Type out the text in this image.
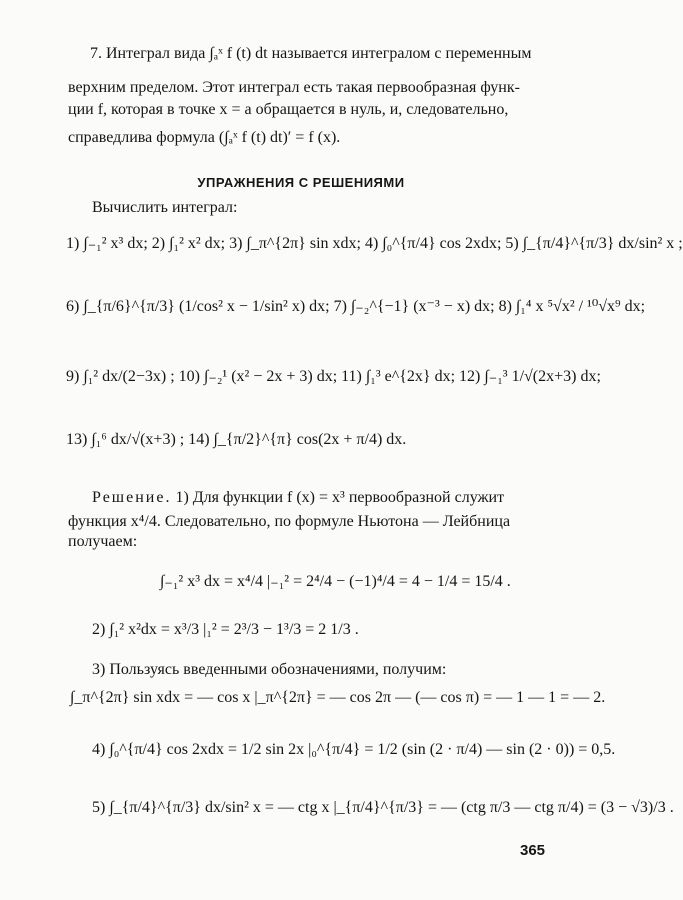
7. Интеграл вида ∫ₐˣ f (t) dt называется интегралом с переменным
верхним пределом. Этот интеграл есть такая первообразная функ-
ции f, которая в точке x = a обращается в нуль, и, следовательно,
справедлива формула (∫ₐˣ f (t) dt)′ = f (x).
УПРАЖНЕНИЯ С РЕШЕНИЯМИ
Вычислить интеграл:
1) ∫₋₁² x³ dx; 2) ∫₁² x² dx; 3) ∫_π^{2π} sin xdx; 4) ∫₀^{π/4} cos 2xdx; 5) ∫_{π/4}^{π/3} dx/sin² x ;
6) ∫_{π/6}^{π/3} (1/cos² x − 1/sin² x) dx; 7) ∫₋₂^{−1} (x⁻³ − x) dx; 8) ∫₁⁴ x ⁵√x² / ¹⁰√x⁹ dx;
9) ∫₁² dx/(2−3x) ; 10) ∫₋₂¹ (x² − 2x + 3) dx; 11) ∫₁³ e^{2x} dx; 12) ∫₋₁³ 1/√(2x+3) dx;
13) ∫₁⁶ dx/√(x+3) ; 14) ∫_{π/2}^{π} cos(2x + π/4) dx.
Решение. 1) Для функции f (x) = x³ первообразной служит
функция x⁴/4. Следовательно, по формуле Ньютона — Лейбница
получаем:
∫₋₁² x³ dx = x⁴/4 |₋₁² = 2⁴/4 − (−1)⁴/4 = 4 − 1/4 = 15/4 .
2) ∫₁² x²dx = x³/3 |₁² = 2³/3 − 1³/3 = 2 1/3 .
3) Пользуясь введенными обозначениями, получим:
∫_π^{2π} sin xdx = — cos x |_π^{2π} = — cos 2π — (— cos π) = — 1 — 1 = — 2.
4) ∫₀^{π/4} cos 2xdx = 1/2 sin 2x |₀^{π/4} = 1/2 (sin (2 · π/4) — sin (2 · 0)) = 0,5.
5) ∫_{π/4}^{π/3} dx/sin² x = — ctg x |_{π/4}^{π/3} = — (ctg π/3 — ctg π/4) = (3 − √3)/3 .
365
